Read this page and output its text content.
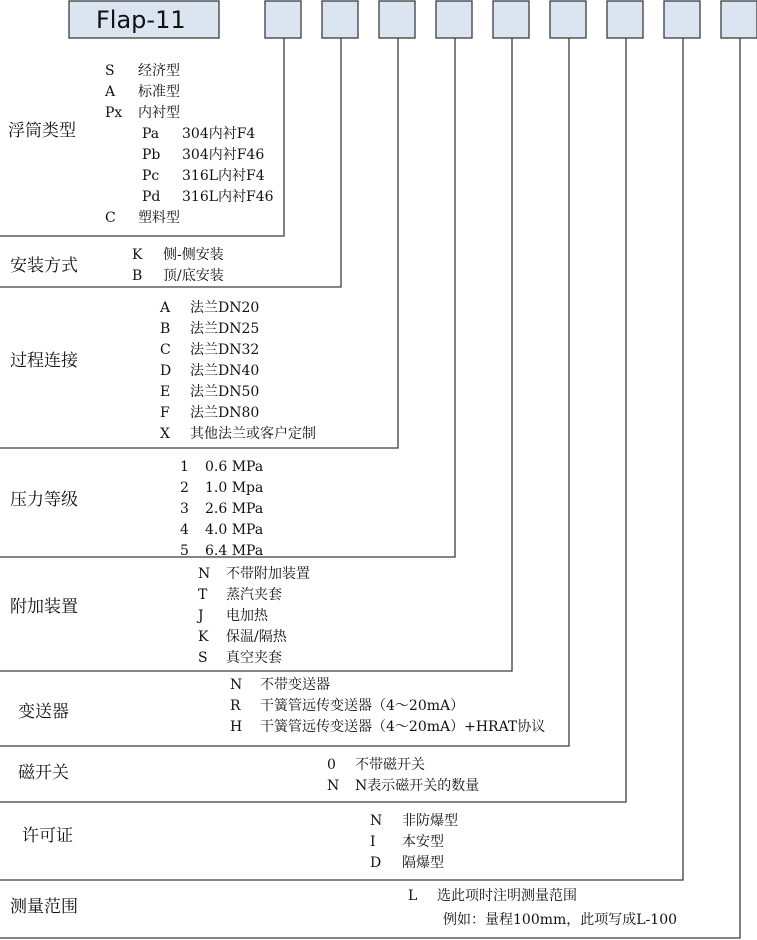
Flap-11
浮筒类型
S 经济型
A 标准型
Px 内衬型
Pa 304内衬F4
Pb 304内衬F46
Pc 316L内衬F4
Pd 316L内衬F46
C 塑料型
安装方式
K 侧-侧安装
B 顶/底安装
过程连接
A 法兰DN20
B 法兰DN25
C 法兰DN32
D 法兰DN40
E 法兰DN50
F 法兰DN80
X 其他法兰或客户定制
压力等级
1 0.6 MPa
2 1.0 Mpa
3 2.6 MPa
4 4.0 MPa
5 6.4 MPa
附加装置
N 不带附加装置
T 蒸汽夹套
J 电加热
K 保温/隔热
S 真空夹套
变送器
N 不带变送器
R 干簧管远传变送器（4～20mA）
H 干簧管远传变送器（4～20mA）+HRAT协议
磁开关	0 不带磁开关
N N表示磁开关的数量
许可证
N 非防爆型
I 本安型
D 隔爆型
测量范围
L 选此项时注明测量范围
例如：量程100mm，此项写成L-100
